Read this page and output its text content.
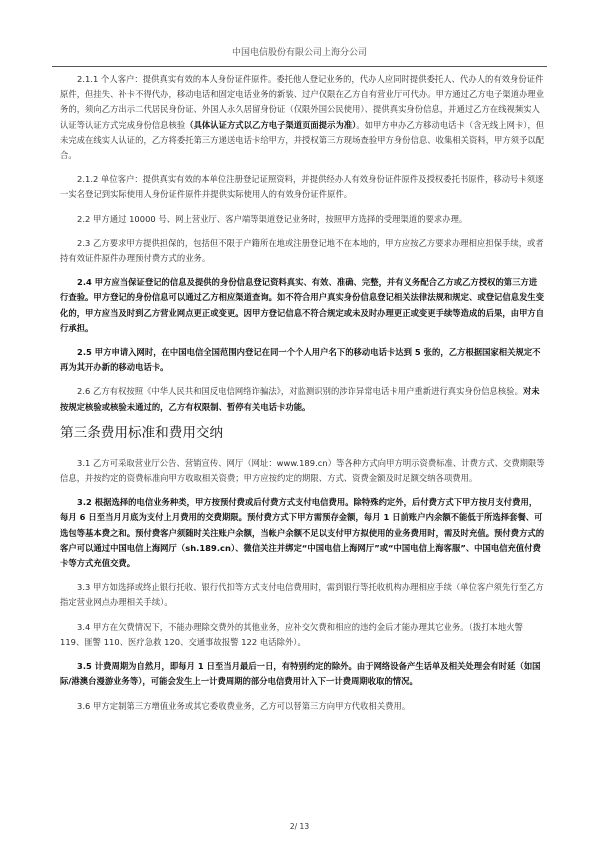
中国电信股份有限公司上海分公司

2.1.1 个人客户：提供真实有效的本人身份证件原件。委托他人登记业务的，代办人应同时提供委托人、代办人的有效身份证件原件，但挂失、补卡不得代办，移动电话和固定电话业务的新装、过户仅限在乙方自有营业厅可代办。甲方通过乙方电子渠道办理业务的，须向乙方出示二代居民身份证、外国人永久居留身份证（仅限外国公民使用）、提供真实身份信息，并通过乙方在线视频实人认证等认证方式完成身份信息核验（具体认证方式以乙方电子渠道页面提示为准）。如甲方申办乙方移动电话卡（含无线上网卡），但未完成在线实人认证的，乙方将委托第三方递送电话卡给甲方，并授权第三方现场查验甲方身份信息、收集相关资料，甲方须予以配合。

2.1.2 单位客户：提供真实有效的本单位注册登记证照资料，并提供经办人有效身份证件原件及授权委托书原件，移动号卡须逐一实名登记到实际使用人身份证件原件并提供实际使用人的有效身份证件原件。

2.2 甲方通过 10000 号、网上营业厅、客户端等渠道登记业务时，按照甲方选择的受理渠道的要求办理。

2.3 乙方要求甲方提供担保的，包括但不限于户籍所在地或注册登记地不在本地的，甲方应按乙方要求办理相应担保手续，或者持有效证件原件办理预付费方式的业务。

2.4 甲方应当保证登记的信息及提供的身份信息登记资料真实、有效、准确、完整，并有义务配合乙方或乙方授权的第三方进行查验。甲方登记的身份信息可以通过乙方相应渠道查询。如不符合用户真实身份信息登记相关法律法规和规定、或登记信息发生变化的，甲方应当及时到乙方营业网点更正或变更。因甲方登记信息不符合规定或未及时办理更正或变更手续等造成的后果，由甲方自行承担。

2.5 甲方申请入网时，在中国电信全国范围内登记在同一个个人用户名下的移动电话卡达到 5 张的，乙方根据国家相关规定不再为其开办新的移动电话卡。

2.6 乙方有权按照《中华人民共和国反电信网络诈骗法》，对监测识别的涉诈异常电话卡用户重新进行真实身份信息核验。对未按规定核验或核验未通过的，乙方有权限制、暂停有关电话卡功能。

第三条费用标准和费用交纳

3.1 乙方可采取营业厅公告、营销宣传、网厅（网址：www.189.cn）等各种方式向甲方明示资费标准、计费方式、交费期限等信息，并按约定的资费标准向甲方收取相关资费；甲方应按约定的期限、方式、资费金额及时足额交纳各项费用。

3.2 根据选择的电信业务种类，甲方按预付费或后付费方式支付电信费用。除特殊约定外，后付费方式下甲方按月支付费用，每月 6 日至当月月底为支付上月费用的交费期限。预付费方式下甲方需预存金额，每月 1 日前账户内余额不能低于所选择套餐、可选包等基本费之和。预付费客户须随时关注账户余额，当帐户余额不足以支付甲方拟使用的业务费用时，需及时充值。预付费方式的客户可以通过中国电信上海网厅（sh.189.cn）、微信关注并绑定“中国电信上海网厅”或“中国电信上海客服”、中国电信充值付费卡等方式充值交费。

3.3 甲方如选择或终止银行托收、银行代扣等方式支付电信费用时，需到银行等托收机构办理相应手续（单位客户须先行至乙方指定营业网点办理相关手续）。

3.4 甲方在欠费情况下，不能办理除交费外的其他业务，应补交欠费和相应的违约金后才能办理其它业务。（拨打本地火警 119、匪警 110、医疗急救 120、交通事故报警 122 电话除外）。

3.5 计费周期为自然月，即每月 1 日至当月最后一日，有特别约定的除外。由于网络设备产生话单及相关处理会有时延（如国际/港澳台漫游业务等），可能会发生上一计费周期的部分电信费用计入下一计费周期收取的情况。

3.6 甲方定制第三方增值业务或其它委收费业务，乙方可以替第三方向甲方代收相关费用。

2/ 13
